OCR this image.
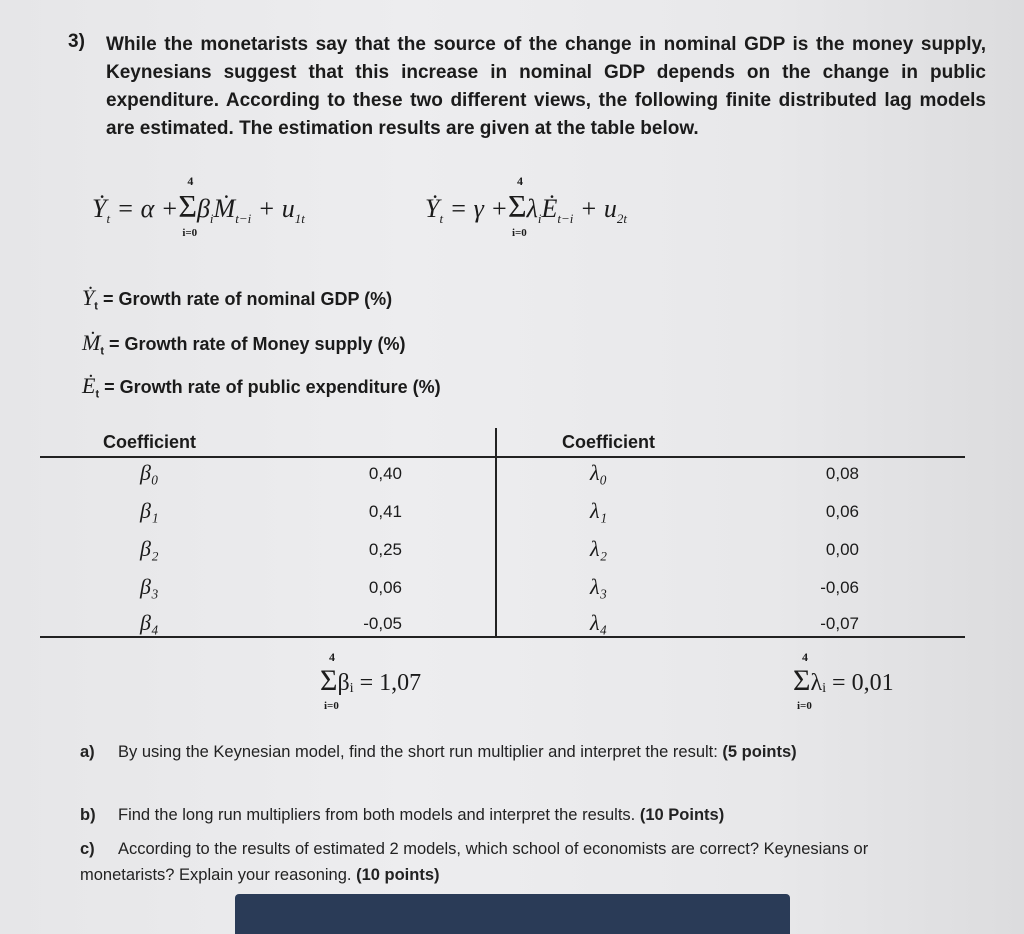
3) While the monetarists say that the source of the change in nominal GDP is the money supply, Keynesians suggest that this increase in nominal GDP depends on the change in public expenditure. According to these two different views, the following finite distributed lag models are estimated. The estimation results are given at the table below.

Ẏ$_t$ = α +
4
Σ
i=0
$\beta_iṀ_{t-i} + u_{1t}$	Ẏ$_t$ = γ +
4
Σ
i=0
$\lambda_iĖ_{t-i} + u_{2t}$
Ẏ$_t$ = Growth rate of nominal GDP (%)
Ṁ$_t$ = Growth rate of Money supply (%)
$Ė_t$ = Growth rate of public expenditure (%)
Coefficient	Coefficient
β₀	0,40	λ₀	0,08
β₁	0,41	λ₁	0,06
β₂	0,25	λ₂	0,00
β₃	0,06	λ₃	-0,06
β₄	-0,05	λ₄	-0,07
4
Σ
i=0
βᵢ = 1,07
4
Σ
i=0
λᵢ = 0,01
a) By using the Keynesian model, find the short run multiplier and interpret the result: (5 points)
b) Find the long run multipliers from both models and interpret the results. (10 Points)
c) According to the results of estimated 2 models, which school of economists are correct? Keynesians or monetarists? Explain your reasoning. (10 points)
